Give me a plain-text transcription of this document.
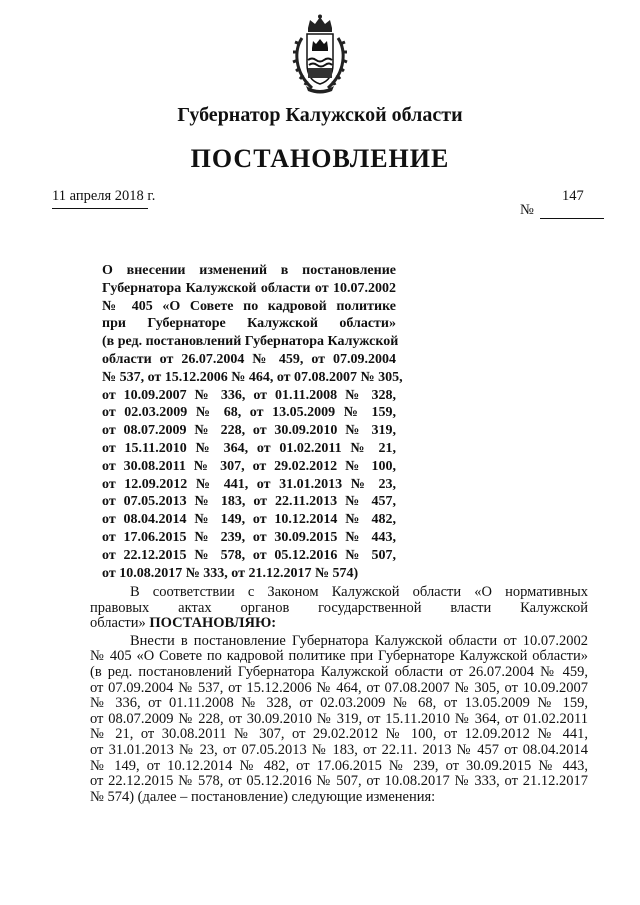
Губернатор Калужской области
ПОСТАНОВЛЕНИЕ
11 апреля 2018 г.	147
№
О внесении изменений в постановление
Губернатора Калужской области от 10.07.2002
№ 405 «О Совете по кадровой политике
при Губернаторе Калужской области»
(в ред. постановлений Губернатора Калужской
области от 26.07.2004 № 459, от 07.09.2004
№ 537, от 15.12.2006 № 464, от 07.08.2007 № 305,
от 10.09.2007 № 336, от 01.11.2008 № 328,
от 02.03.2009 № 68, от 13.05.2009 № 159,
от 08.07.2009 № 228, от 30.09.2010 № 319,
от 15.11.2010 № 364, от 01.02.2011 № 21,
от 30.08.2011 № 307, от 29.02.2012 № 100,
от 12.09.2012 № 441, от 31.01.2013 № 23,
от 07.05.2013 № 183, от 22.11.2013 № 457,
от 08.04.2014 № 149, от 10.12.2014 № 482,
от 17.06.2015 № 239, от 30.09.2015 № 443,
от 22.12.2015 № 578, от 05.12.2016 № 507,
от 10.08.2017 № 333, от 21.12.2017 № 574)
В соответствии с Законом Калужской области «О нормативных
правовых актах органов государственной власти Калужской
области» ПОСТАНОВЛЯЮ:
Внести в постановление Губернатора Калужской области от 10.07.2002
№ 405 «О Совете по кадровой политике при Губернаторе Калужской области»
(в ред. постановлений Губернатора Калужской области от 26.07.2004 № 459,
от 07.09.2004 № 537, от 15.12.2006 № 464, от 07.08.2007 № 305, от 10.09.2007
№ 336, от 01.11.2008 № 328, от 02.03.2009 № 68, от 13.05.2009 № 159,
от 08.07.2009 № 228, от 30.09.2010 № 319, от 15.11.2010 № 364, от 01.02.2011
№ 21, от 30.08.2011 № 307, от 29.02.2012 № 100, от 12.09.2012 № 441,
от 31.01.2013 № 23, от 07.05.2013 № 183, от 22.11. 2013 № 457 от 08.04.2014
№ 149, от 10.12.2014 № 482, от 17.06.2015 № 239, от 30.09.2015 № 443,
от 22.12.2015 № 578, от 05.12.2016 № 507, от 10.08.2017 № 333, от 21.12.2017
№ 574) (далее – постановление) следующие изменения:
